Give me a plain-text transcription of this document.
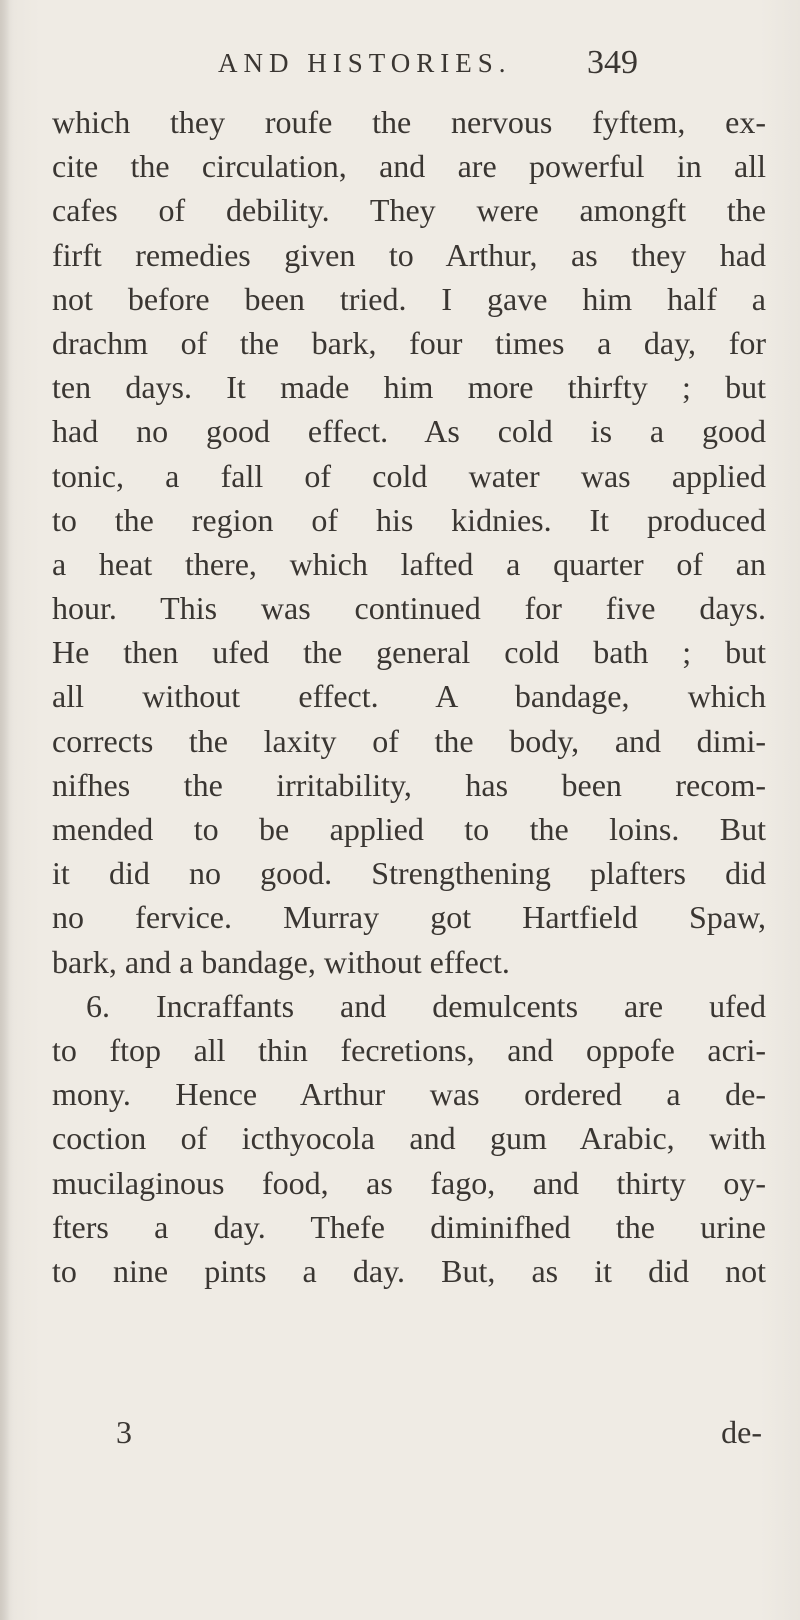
AND HISTORIES. 349
which they roufe the nervous fyftem, ex-
cite the circulation, and are powerful in all
cafes of debility. They were amongft the
firft remedies given to Arthur, as they had
not before been tried. I gave him half a
drachm of the bark, four times a day, for
ten days. It made him more thirfty ; but
had no good effect. As cold is a good
tonic, a fall of cold water was applied
to the region of his kidnies. It produced
a heat there, which lafted a quarter of an
hour. This was continued for five days.
He then ufed the general cold bath ; but
all without effect. A bandage, which
corrects the laxity of the body, and dimi-
nifhes the irritability, has been recom-
mended to be applied to the loins. But
it did no good. Strengthening plafters did
no fervice. Murray got Hartfield Spaw,
bark, and a bandage, without effect.
6. Incraffants and demulcents are ufed
to ftop all thin fecretions, and oppofe acri-
mony. Hence Arthur was ordered a de-
coction of icthyocola and gum Arabic, with
mucilaginous food, as fago, and thirty oy-
fters a day. Thefe diminifhed the urine
to nine pints a day. But, as it did not
3	de-
